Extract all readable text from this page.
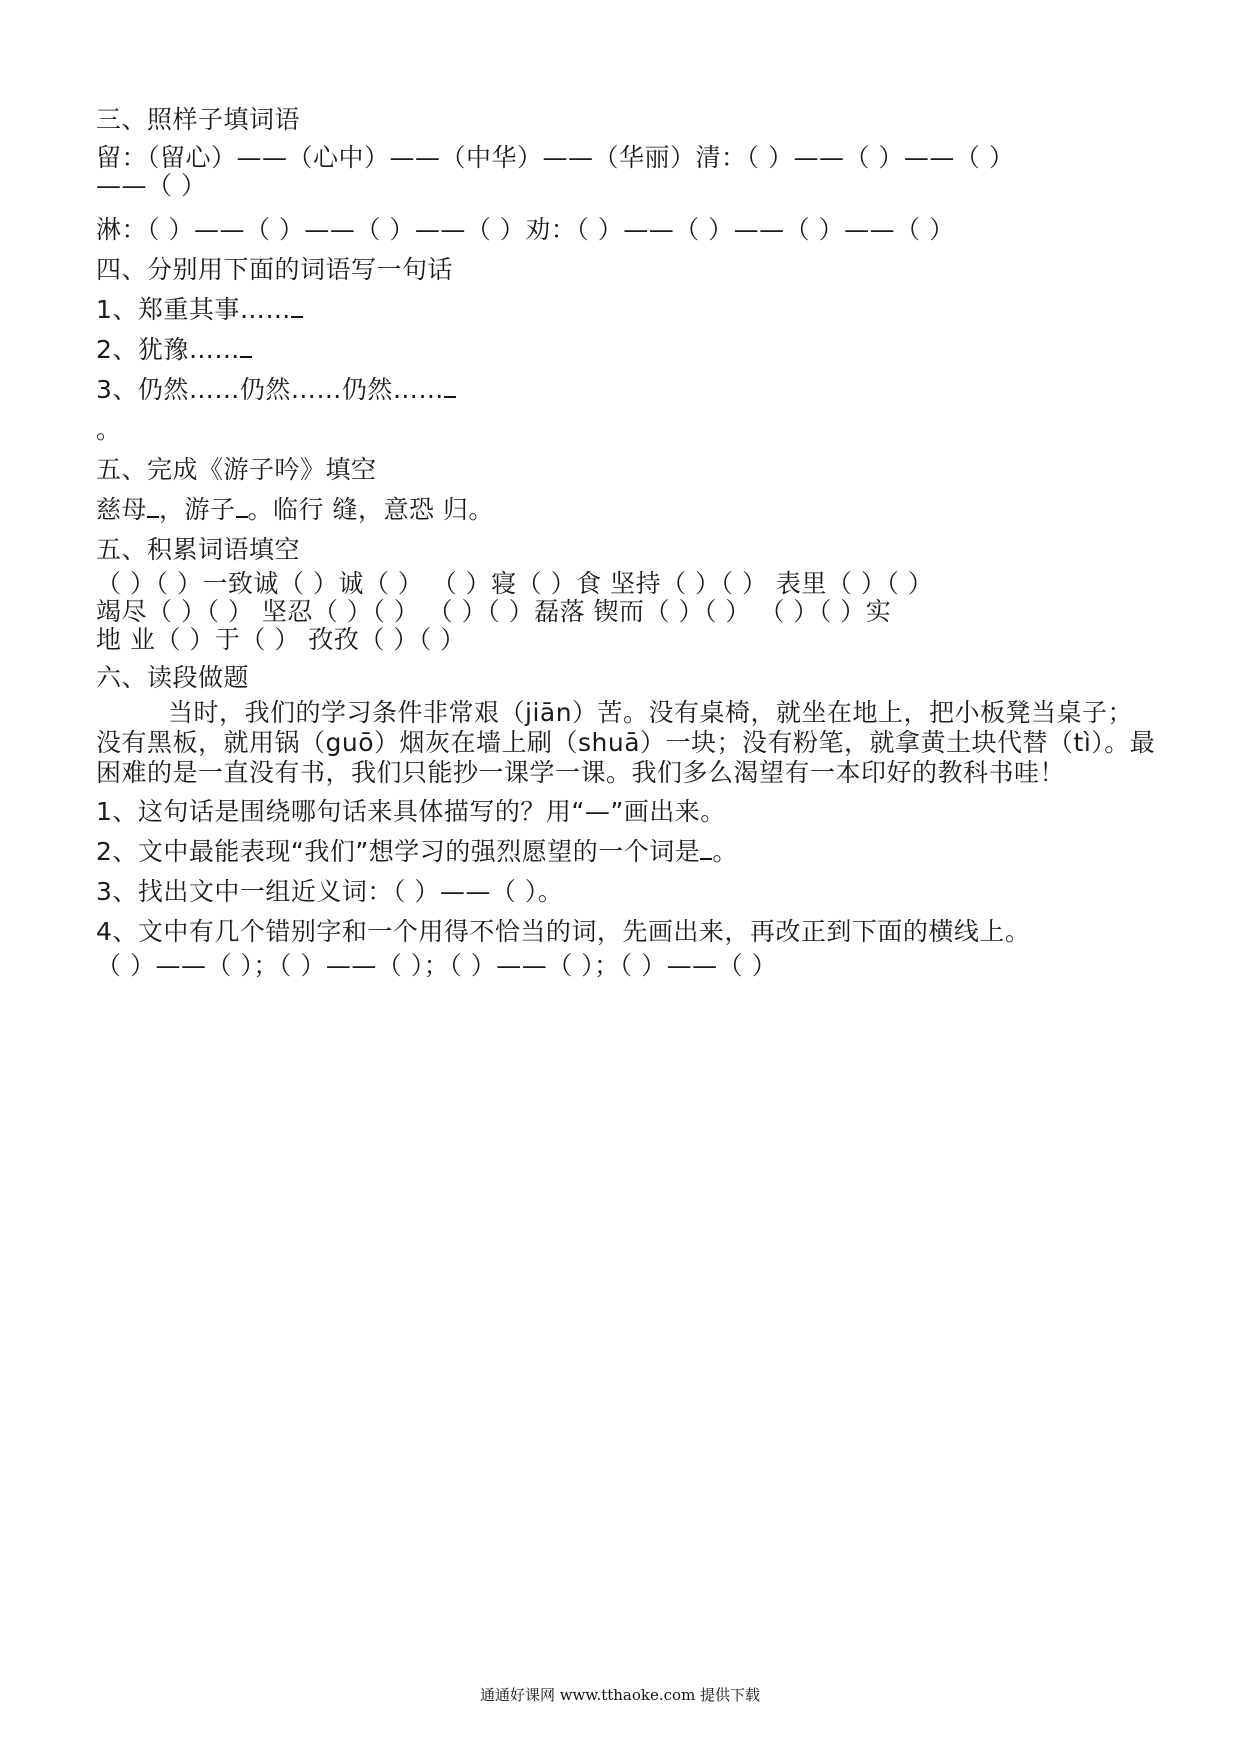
三、照样子填词语
留：（留心）——（心中）——（中华）——（华丽）清：（ ）——（ ）——（ ）
——（ ）
淋：（ ）——（ ）——（ ）——（ ）劝：（ ）——（ ）——（ ）——（ ）
四、分别用下面的词语写一句话
1、郑重其事……
2、犹豫……
3、仍然……仍然……仍然……
。
五、完成《游子吟》填空
慈母 ，游子 。临行 缝，意恐 归。
五、积累词语填空
（ ）（ ）一致诚（ ）诚（ ） （ ）寝（ ）食 坚持（ ）（ ） 表里（ ）（ ）
竭尽（ ）（ ） 坚忍（ ）（ ） （ ）（ ）磊落 锲而（ ）（ ） （ ）（ ）实
地 业（ ）于（ ） 孜孜（ ）（ ）
六、读段做题
当时，我们的学习条件非常艰（jiān）苦。没有桌椅，就坐在地上，把小板凳当桌子；没有黑板，就用锅（guō）烟灰在墙上刷（shuā）一块；没有粉笔，就拿黄土块代替（tì）。最困难的是一直没有书，我们只能抄一课学一课。我们多么渴望有一本印好的教科书哇！
1、这句话是围绕哪句话来具体描写的？用“—”画出来。
2、文中最能表现“我们”想学习的强烈愿望的一个词是 。
3、找出文中一组近义词：（ ）——（ ）。
4、文中有几个错别字和一个用得不恰当的词，先画出来，再改正到下面的横线上。
（ ）——（ ）；（ ）——（ ）；（ ）——（ ）；（ ）——（ ）
通通好课网 www.tthaoke.com 提供下载
